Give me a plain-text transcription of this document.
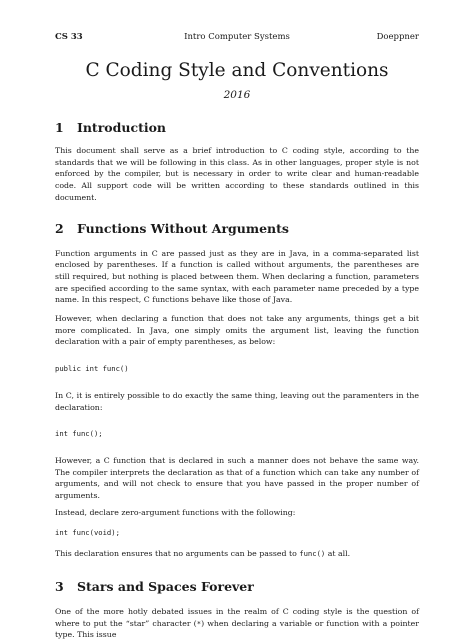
CS 33	Intro Computer Systems	Doeppner
C Coding Style and Conventions
2016
1	Introduction

This document shall serve as a brief introduction to C coding style, according to the standards that we will be following in this class. As in other languages, proper style is not enforced by the compiler, but is necessary in order to write clear and human-readable code. All support code will be written according to these standards outlined in this document.

2	Functions Without Arguments

Function arguments in C are passed just as they are in Java, in a comma-separated list enclosed by parentheses. If a function is called without arguments, the parentheses are still required, but nothing is placed between them. When declaring a function, parameters are specified according to the same syntax, with each parameter name preceded by a type name. In this respect, C functions behave like those of Java.

However, when declaring a function that does not take any arguments, things get a bit more complicated. In Java, one simply omits the argument list, leaving the function declaration with a pair of empty parentheses, as below:

public int func()

In C, it is entirely possible to do exactly the same thing, leaving out the paramenters in the declaration:

int func();

However, a C function that is declared in such a manner does not behave the same way. The compiler interprets the declaration as that of a function which can take any number of arguments, and will not check to ensure that you have passed in the proper number of arguments.

Instead, declare zero-argument functions with the following:

int func(void);

This declaration ensures that no arguments can be passed to func() at all.

3	Stars and Spaces Forever

One of the more hotly debated issues in the realm of C coding style is the question of where to put the “star” character (*) when declaring a variable or function with a pointer type. This issue
